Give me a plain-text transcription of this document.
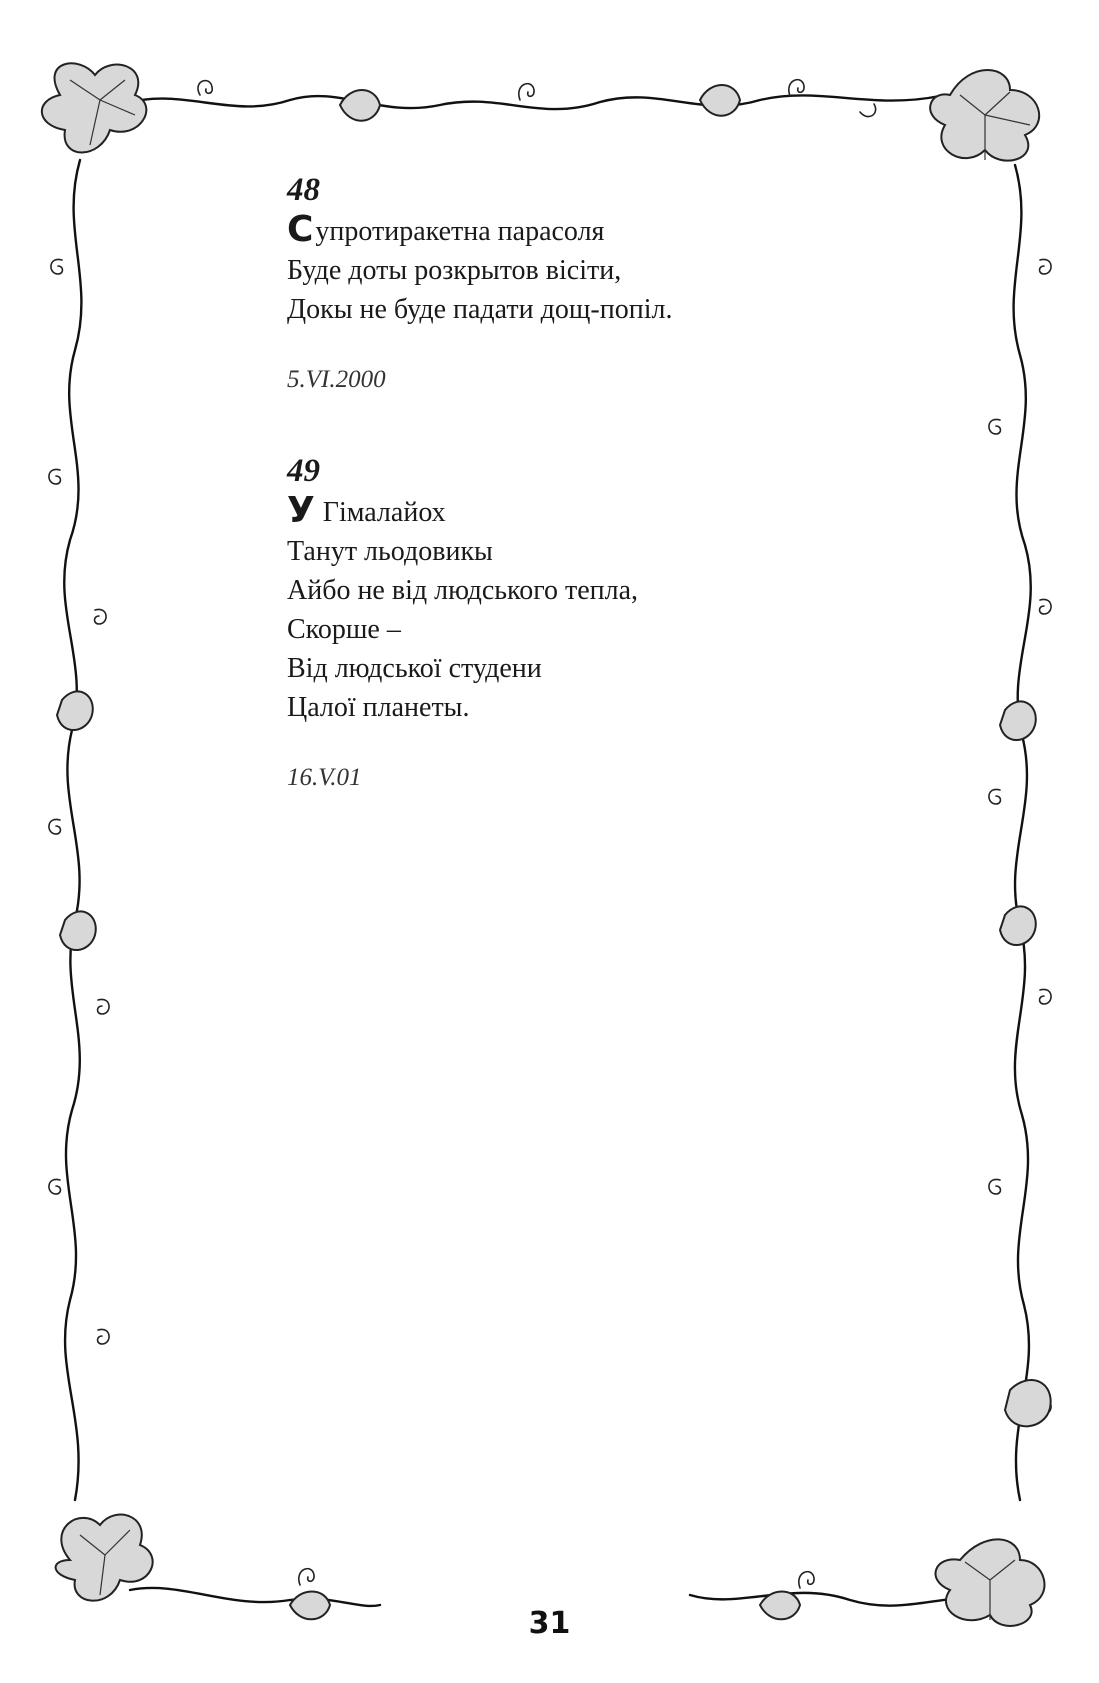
48
Супротиракетна парасоля
Буде доты розкрытов вісіти,
Докы не буде падати дощ-попіл.
5.VI.2000
49
У Гімалайох
Танут льодовикы
Айбо не від людського тепла,
Скорше –
Від людської студени
Цалої планеты.
16.V.01
31
